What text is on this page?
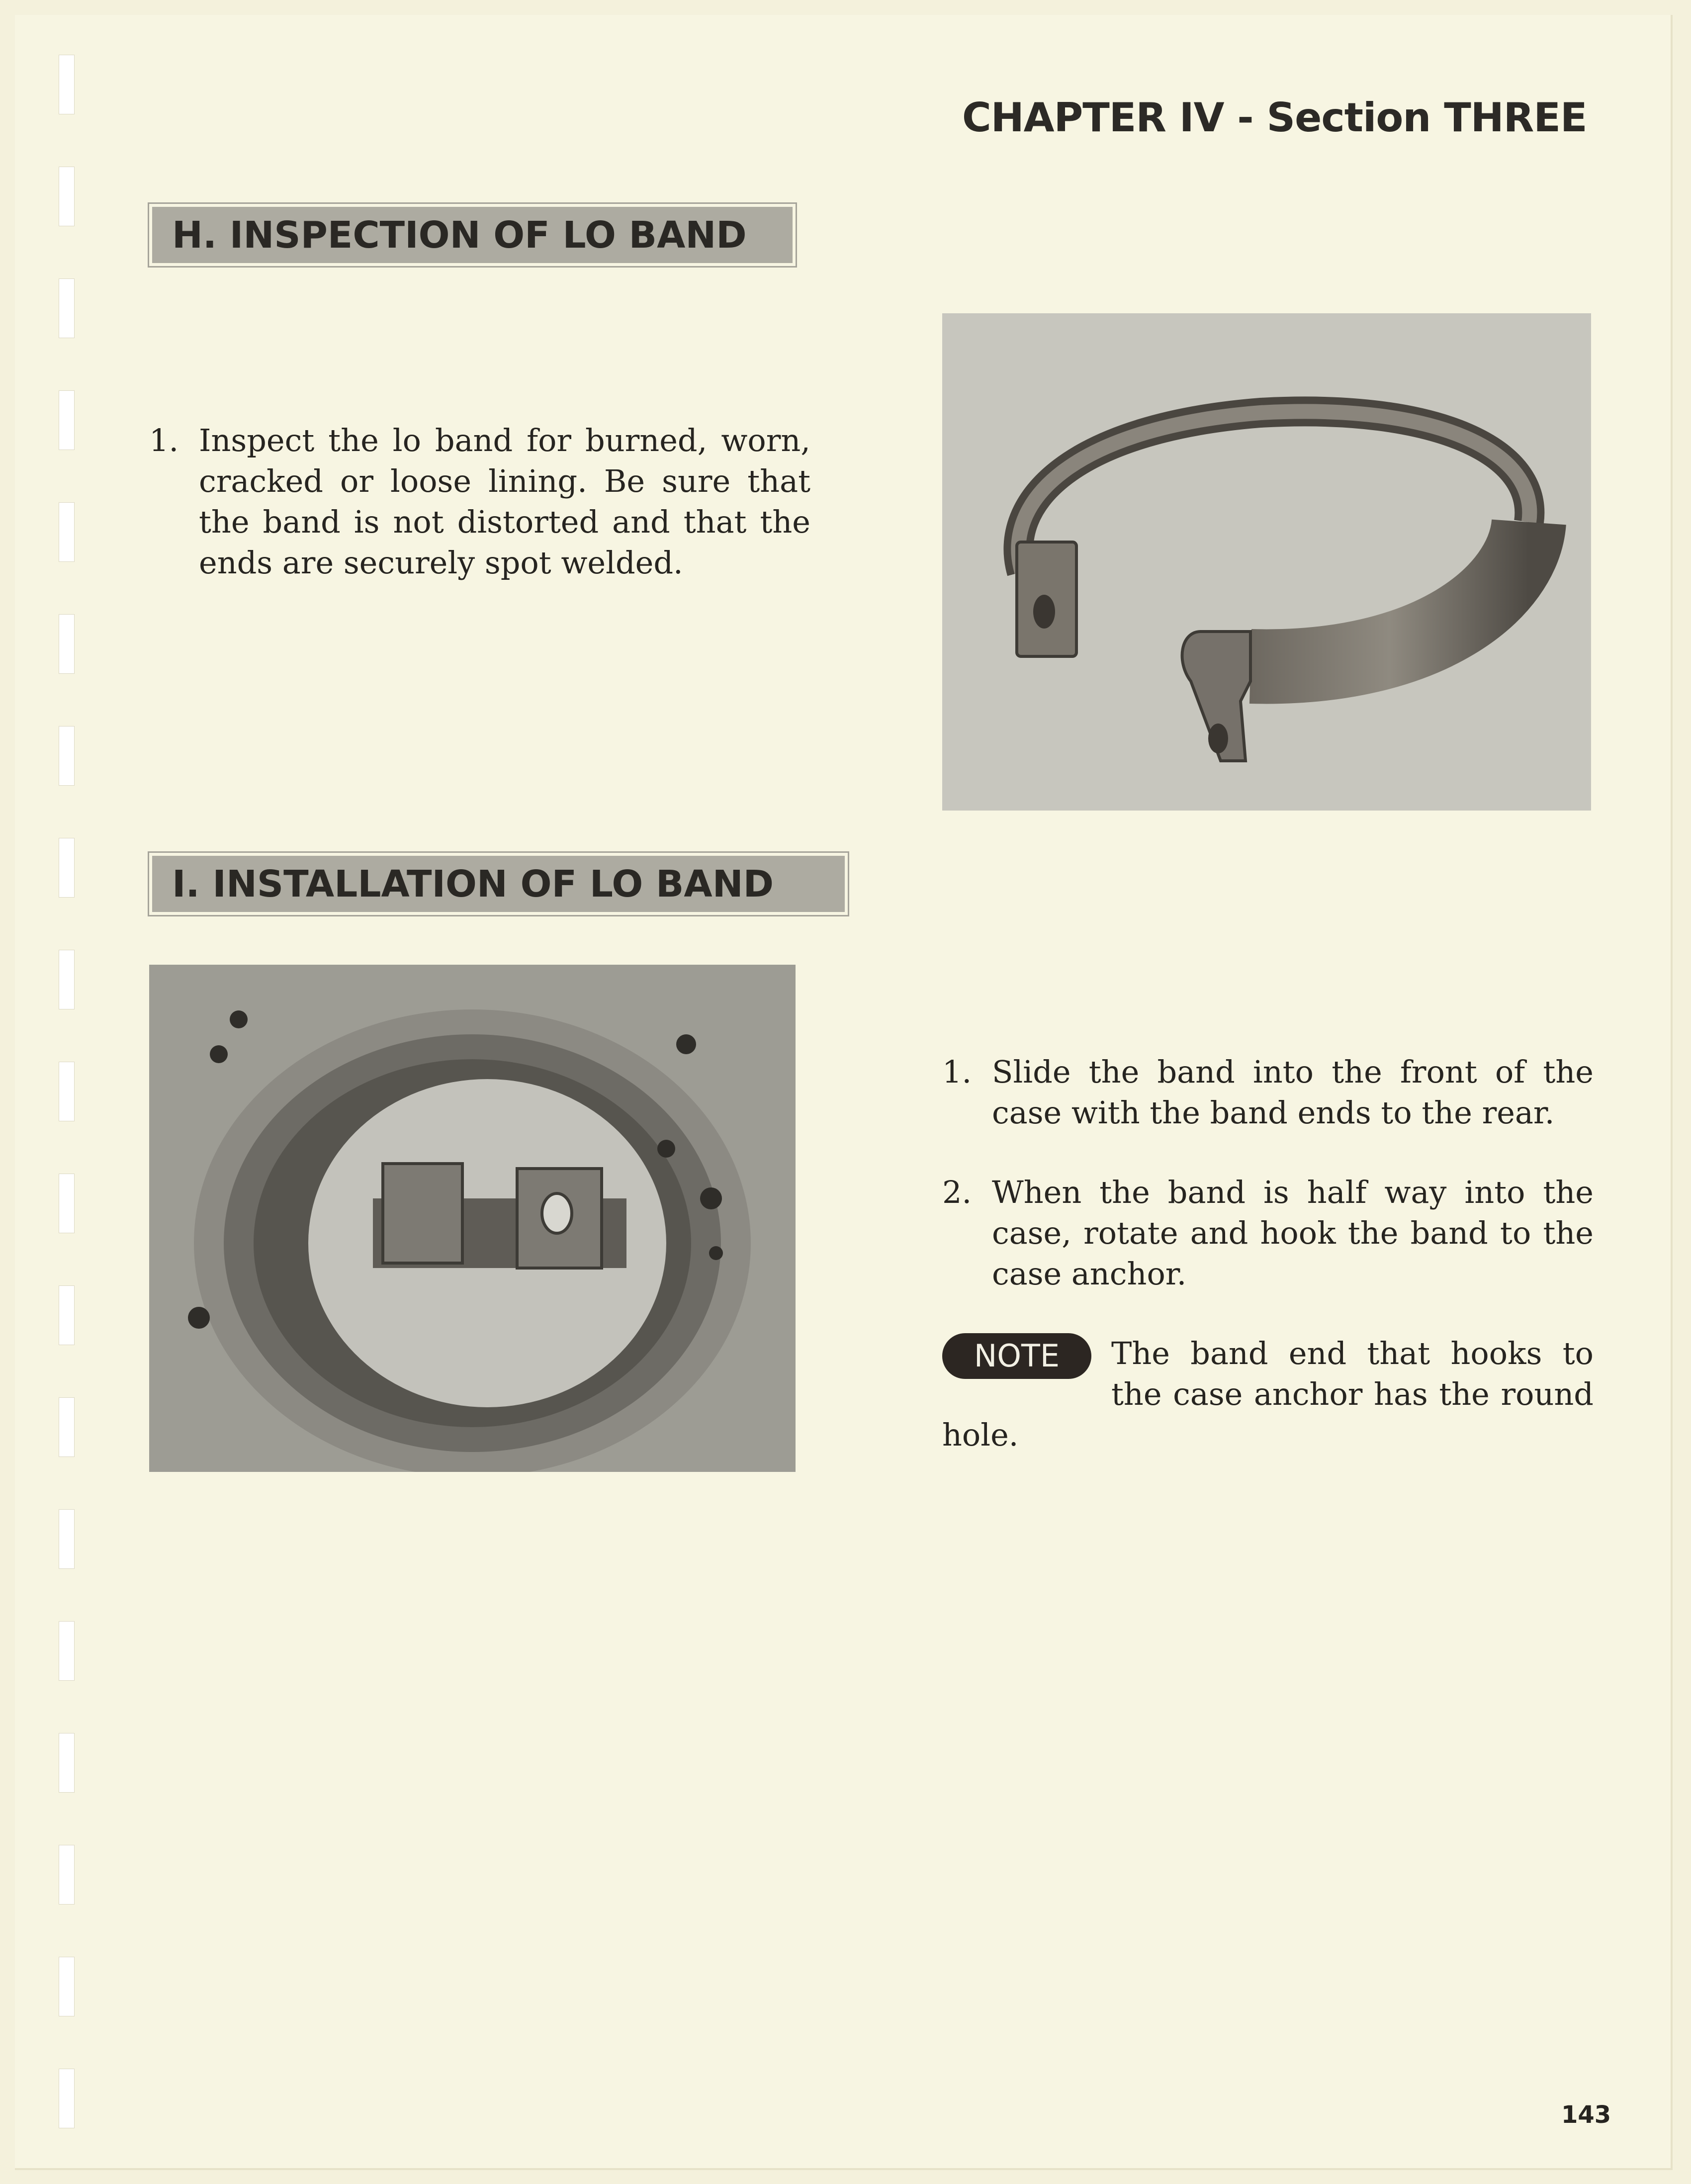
CHAPTER IV - Section THREE
H. INSPECTION OF LO BAND
1. Inspect the lo band for burned, worn, cracked or loose lining. Be sure that the band is not distorted and that the ends are securely spot welded.
I. INSTALLATION OF LO BAND
1. Slide the band into the front of the case with the band ends to the rear.
2. When the band is half way into the case, rotate and hook the band to the case anchor.
NOTE	The band end that hooks to the case anchor has the round hole.
143
